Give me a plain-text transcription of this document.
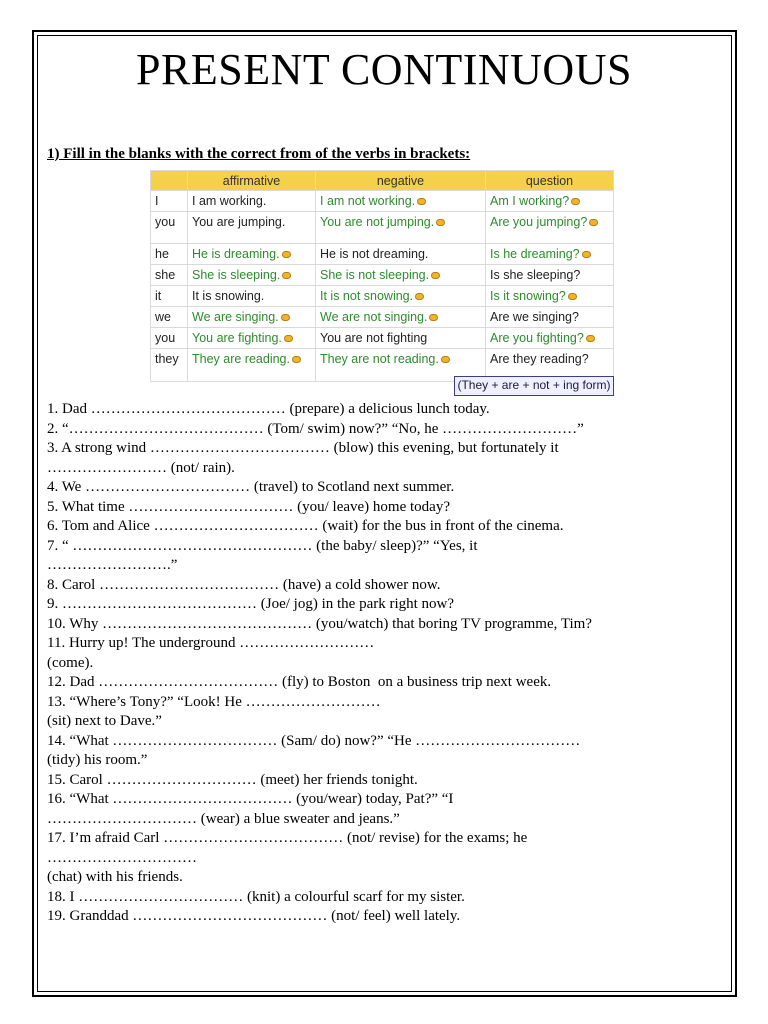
PRESENT CONTINUOUS
1) Fill in the blanks with the correct from of the verbs in brackets:
	affirmative	negative	question
I	I am working.	I am not working.	Am I working?
you	You are jumping.	You are not jumping.	Are you jumping?
he	He is dreaming.	He is not dreaming.	Is he dreaming?
she	She is sleeping.	She is not sleeping.	Is she sleeping?
it	It is snowing.	It is not snowing.	Is it snowing?
we	We are singing.	We are not singing.	Are we singing?
you	You are fighting.	You are not fighting	Are you fighting?
they	They are reading.	They are not reading.	Are they reading?
(They + are + not + ing form)

1. Dad ………………………………… (prepare) a delicious lunch today.

2. “………………………………… (Tom/ swim) now?” “No, he ………………………”

3. A strong wind ……………………………… (blow) this evening, but fortunately it

…………………… (not/ rain).

4. We …………………………… (travel) to Scotland next summer.

5. What time …………………………… (you/ leave) home today?

6. Tom and Alice …………………………… (wait) for the bus in front of the cinema.

7. “ ………………………………………… (the baby/ sleep)?” “Yes, it

…………………….”

8. Carol ……………………………… (have) a cold shower now.

9. ………………………………… (Joe/ jog) in the park right now?

10. Why …………………………………… (you/watch) that boring TV programme, Tim?

11. Hurry up! The underground ………………………

(come).

12. Dad ……………………………… (fly) to Boston  on a business trip next week.

13. “Where’s Tony?” “Look! He ………………………

(sit) next to Dave.”

14. “What …………………………… (Sam/ do) now?” “He ……………………………

(tidy) his room.”

15. Carol ………………………… (meet) her friends tonight.

16. “What ……………………………… (you/wear) today, Pat?” “I

………………………… (wear) a blue sweater and jeans.”

17. I’m afraid Carl ……………………………… (not/ revise) for the exams; he

…………………………

(chat) with his friends.

18. I …………………………… (knit) a colourful scarf for my sister.

19. Granddad ………………………………… (not/ feel) well lately.
